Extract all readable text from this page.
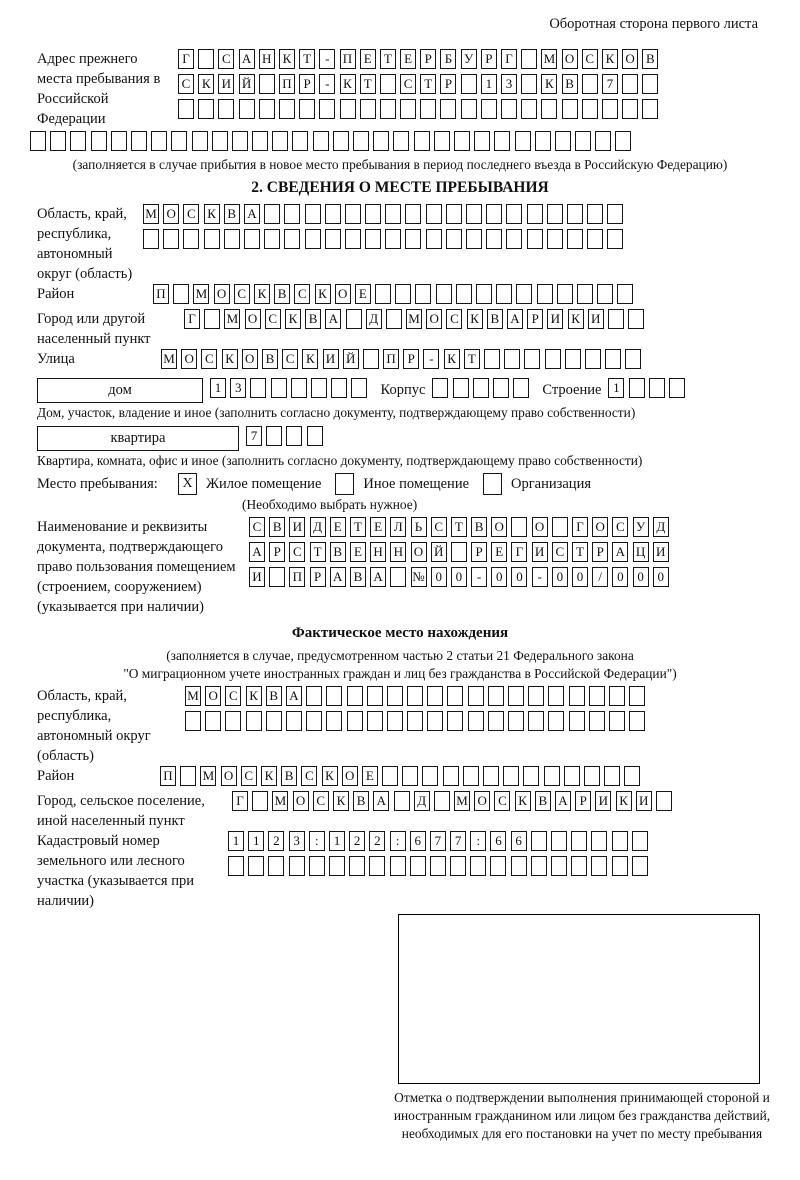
Оборотная сторона первого листа
Адрес прежнего места пребывания в Российской Федерации
Г С А Н К Т - П Е Т Е Р Б У Р Г М О С К О В
С К И Й П Р - К Т С Т Р	1 3	К В	7

(заполняется в случае прибытия в новое место пребывания в период последнего въезда в Российскую Федерацию)
2. СВЕДЕНИЯ О МЕСТЕ ПРЕБЫВАНИЯ
Область, край, республика, автономный округ (область)
М О С К В А

Район	П М О С К В С К О Е
Город или другой населенный пункт
Г М О С К В А Д М О С К В А Р И К И
Улица	М О С К О В С К И Й П Р - К Т
дом	1 3	Корпус	Строение 1
Дом, участок, владение и иное (заполнить согласно документу, подтверждающему право собственности)
квартира	7
Квартира, комната, офис и иное (заполнить согласно документу, подтверждающему право собственности)
Место пребывания:	X Жилое помещение
	Иное помещение
	Организация
(Необходимо выбрать нужное)
Наименование и реквизиты документа, подтверждающего право пользования помещением (строением, сооружением) (указывается при наличии)
С В И Д Е Т Е Л Ь С Т В О О Г О С У Д
А Р С Т В Е Н Н О Й Р Е Г И С Т Р А Ц И
И П Р А В А № 0 0 - 0 0 - 0 0 / 0 0 0
Фактическое место нахождения
(заполняется в случае, предусмотренном частью 2 статьи 21 Федерального закона
"О миграционном учете иностранных граждан и лиц без гражданства в Российской Федерации")
Область, край, республика, автономный округ (область)
М О С К В А

Район	П М О С К В С К О Е
Город, сельское поселение, иной населенный пункт
Г М О С К В А Д М О С К В А Р И К И
Кадастровый номер земельного или лесного участка (указывается при наличии)
1 1 2 3 : 1 2 2 : 6 7 7 : 6 6

Отметка о подтверждении выполнения принимающей стороной и иностранным гражданином или лицом без гражданства действий, необходимых для его постановки на учет по месту пребывания
